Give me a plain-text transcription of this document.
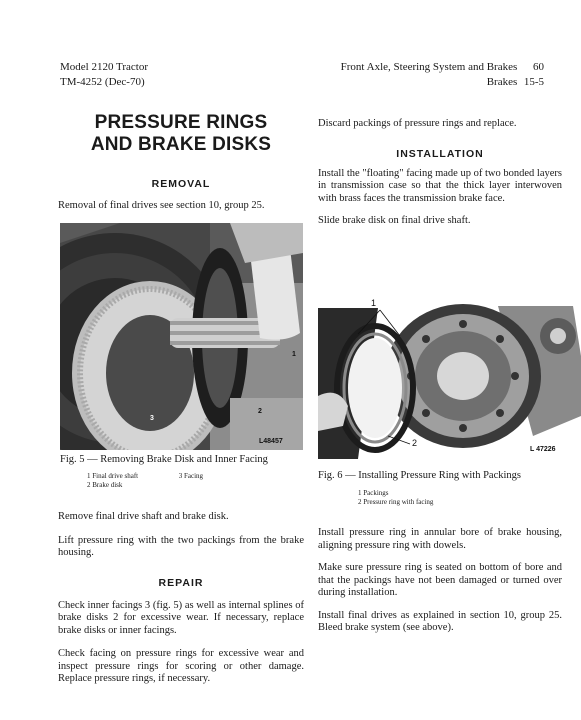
Model 2120 Tractor
TM-4252 (Dec-70)
Front Axle, Steering System and Brakes 60
Brakes 15-5
PRESSURE RINGS
AND BRAKE DISKS
REMOVAL

Removal of final drives see section 10, group 25.

3
2
1
L48457
Fig. 5 — Removing Brake Disk and Inner Facing
1 Final drive shaft	3 Facing
2 Brake disk

Remove final drive shaft and brake disk.

Lift pressure ring with the two packings from the brake housing.

REPAIR

Check inner facings 3 (fig. 5) as well as internal splines of brake disks 2 for excessive wear. If necessary, replace brake disks or inner facings.

Check facing on pressure rings for excessive wear and inspect pressure rings for scoring or other damage. Replace pressure rings, if necessary.

Discard packings of pressure rings and replace.

INSTALLATION

Install the "floating" facing made up of two bonded layers in transmission case so that the thick layer interwoven with brass faces the transmission brake face.

Slide brake disk on final drive shaft.

1
2
L 47226
Fig. 6 — Installing Pressure Ring with Packings
1 Packings
2 Pressure ring with facing

Install pressure ring in annular bore of brake housing, aligning pressure ring with dowels.

Make sure pressure ring is seated on bottom of bore and that the packings have not been damaged or turned over during installation.

Install final drives as explained in section 10, group 25. Bleed brake system (see above).
